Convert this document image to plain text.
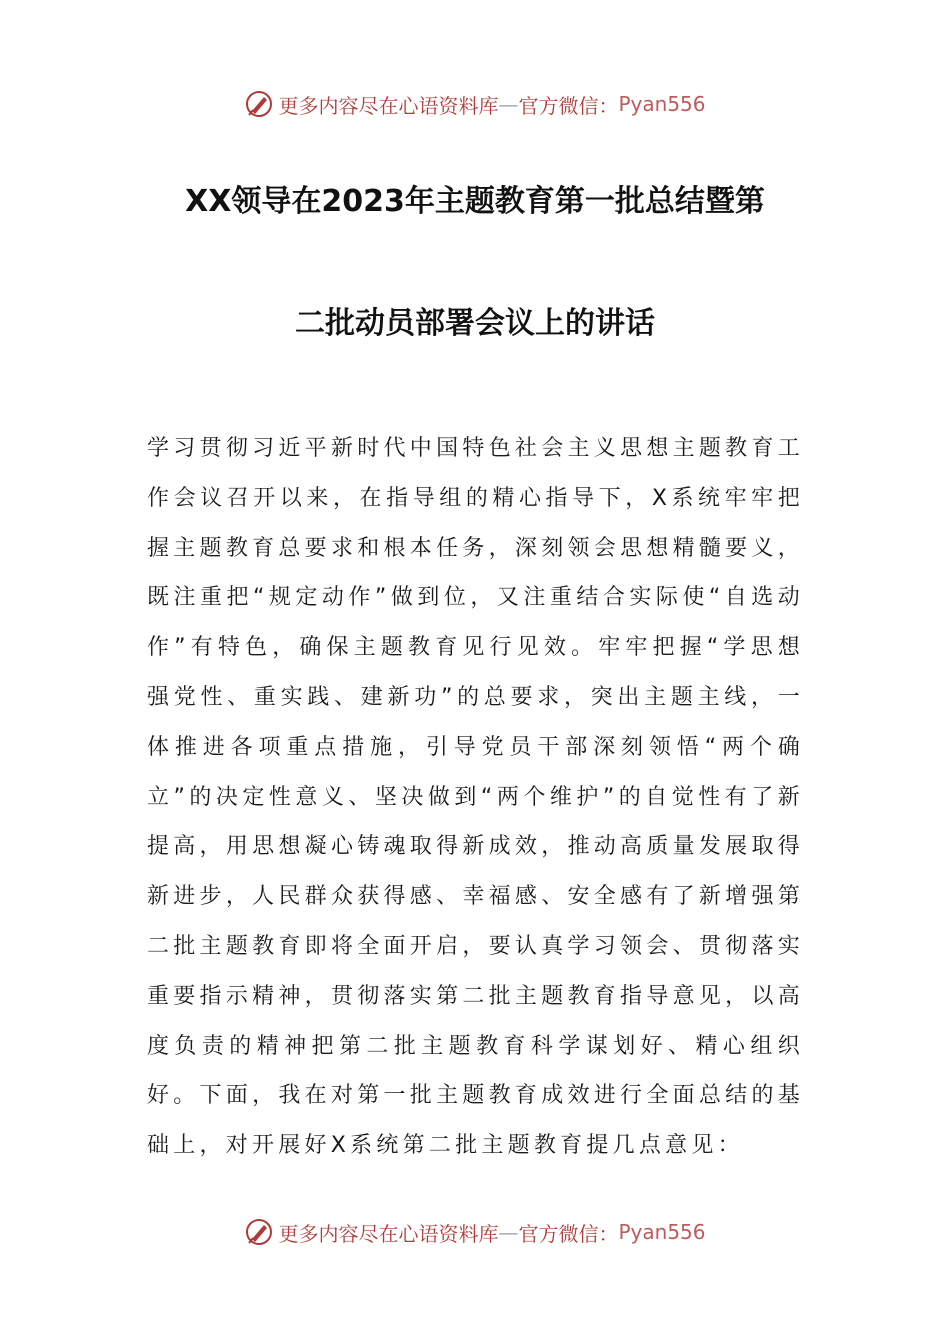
更多内容尽在心语资料库 — 官方微信： Pyan556
XX领导在2023年主题教育第一批总结暨第
二批动员部署会议上的讲话

学习贯彻习近平新时代中国特色社会主义思想主题教育工作会议召开以来，在指导组的精心指导下，X系统牢牢把握主题教育总要求和根本任务，深刻领会思想精髓要义，既注重把“规定动作”做到位，又注重结合实际使“自选动作”有特色，确保主题教育见行见效。牢牢把握“学思想强党性、重实践、建新功”的总要求，突出主题主线，一体推进各项重点措施，引导党员干部深刻领悟“两个确立”的决定性意义、坚决做到“两个维护”的自觉性有了新提高，用思想凝心铸魂取得新成效，推动高质量发展取得新进步，人民群众获得感、幸福感、安全感有了新增强第二批主题教育即将全面开启，要认真学习领会、贯彻落实重要指示精神，贯彻落实第二批主题教育指导意见，以高度负责的精神把第二批主题教育科学谋划好、精心组织好。下面，我在对第一批主题教育成效进行全面总结的基础上，对开展好X系统第二批主题教育提几点意见：

更多内容尽在心语资料库 — 官方微信： Pyan556
